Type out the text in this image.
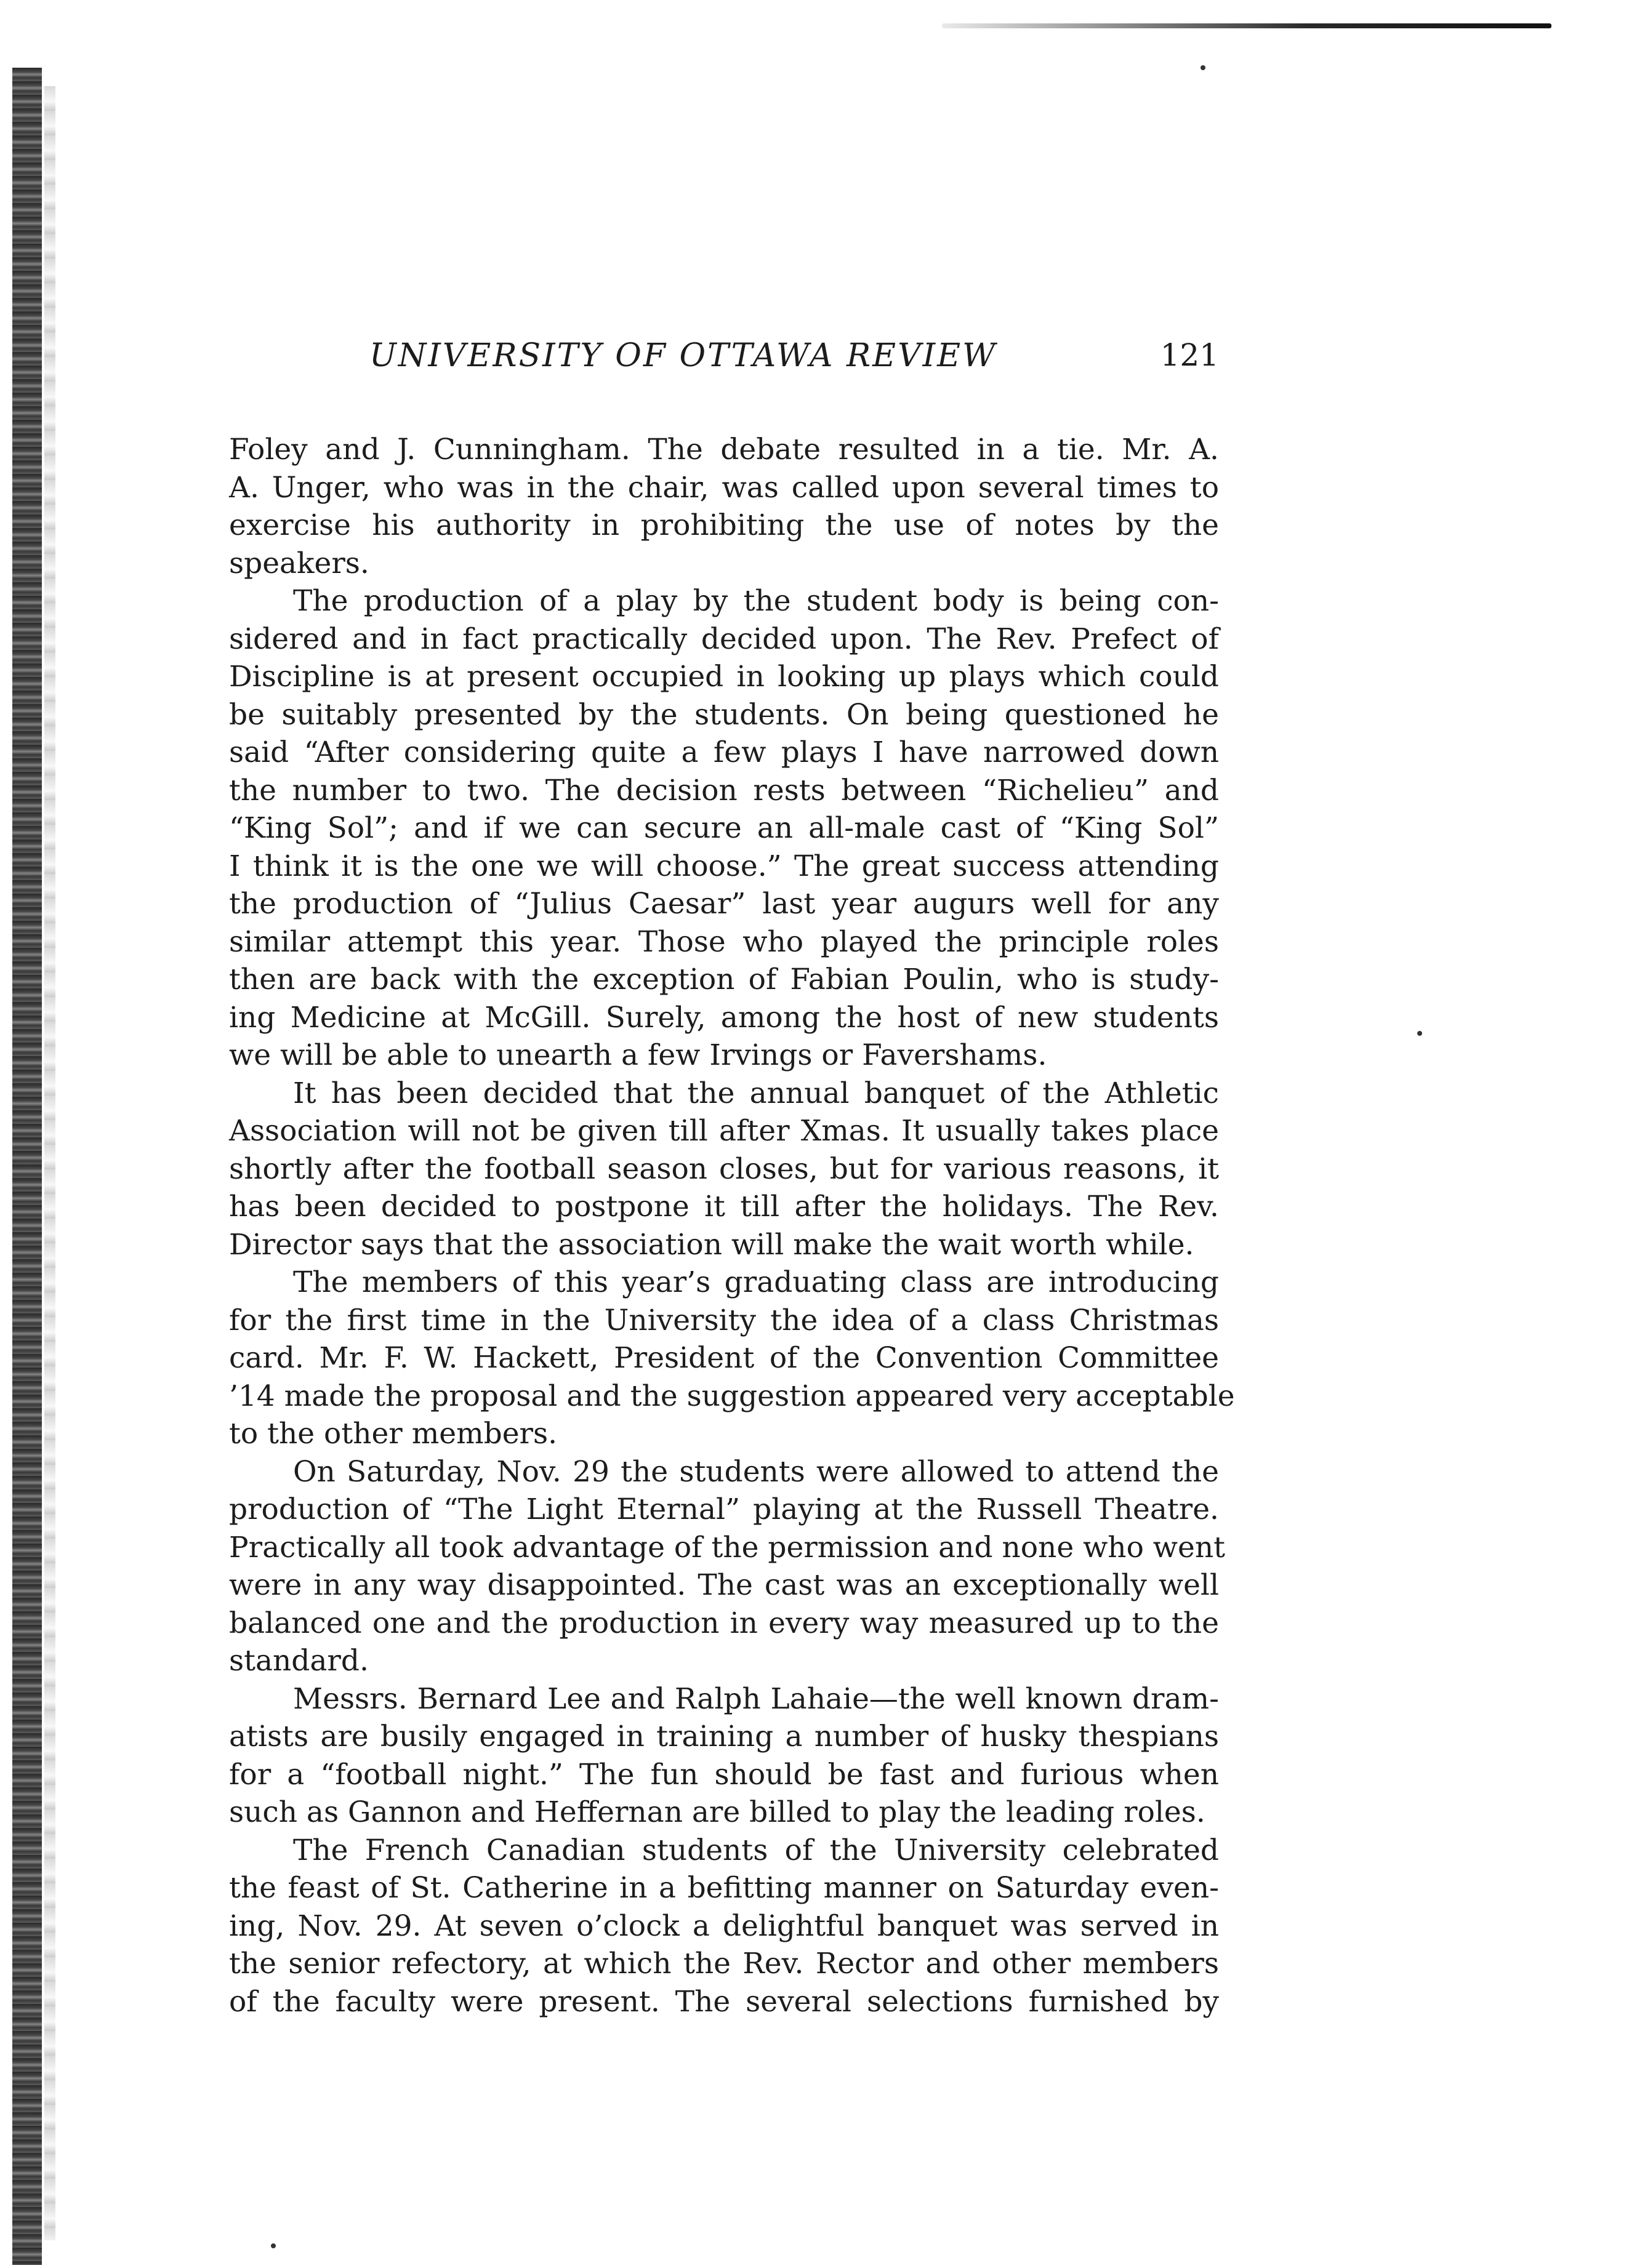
UNIVERSITY OF OTTAWA REVIEW	121
Foley and J. Cunningham. The debate resulted in a tie. Mr. A.
A. Unger, who was in the chair, was called upon several times to
exercise his authority in prohibiting the use of notes by the
speakers.
The production of a play by the student body is being con-
sidered and in fact practically decided upon. The Rev. Prefect of
Discipline is at present occupied in looking up plays which could
be suitably presented by the students. On being questioned he
said “After considering quite a few plays I have narrowed down
the number to two. The decision rests between “Richelieu” and
“King Sol”; and if we can secure an all-male cast of “King Sol”
I think it is the one we will choose.” The great success attending
the production of “Julius Caesar” last year augurs well for any
similar attempt this year. Those who played the principle roles
then are back with the exception of Fabian Poulin, who is study-
ing Medicine at McGill. Surely, among the host of new students
we will be able to unearth a few Irvings or Favershams.
It has been decided that the annual banquet of the Athletic
Association will not be given till after Xmas. It usually takes place
shortly after the football season closes, but for various reasons, it
has been decided to postpone it till after the holidays. The Rev.
Director says that the association will make the wait worth while.
The members of this year’s graduating class are introducing
for the first time in the University the idea of a class Christmas
card. Mr. F. W. Hackett, President of the Convention Committee
’14 made the proposal and the suggestion appeared very acceptable
to the other members.
On Saturday, Nov. 29 the students were allowed to attend the
production of “The Light Eternal” playing at the Russell Theatre.
Practically all took advantage of the permission and none who went
were in any way disappointed. The cast was an exceptionally well
balanced one and the production in every way measured up to the
standard.
Messrs. Bernard Lee and Ralph Lahaie—the well known dram-
atists are busily engaged in training a number of husky thespians
for a “football night.” The fun should be fast and furious when
such as Gannon and Heffernan are billed to play the leading roles.
The French Canadian students of the University celebrated
the feast of St. Catherine in a befitting manner on Saturday even-
ing, Nov. 29. At seven o’clock a delightful banquet was served in
the senior refectory, at which the Rev. Rector and other members
of the faculty were present. The several selections furnished by
